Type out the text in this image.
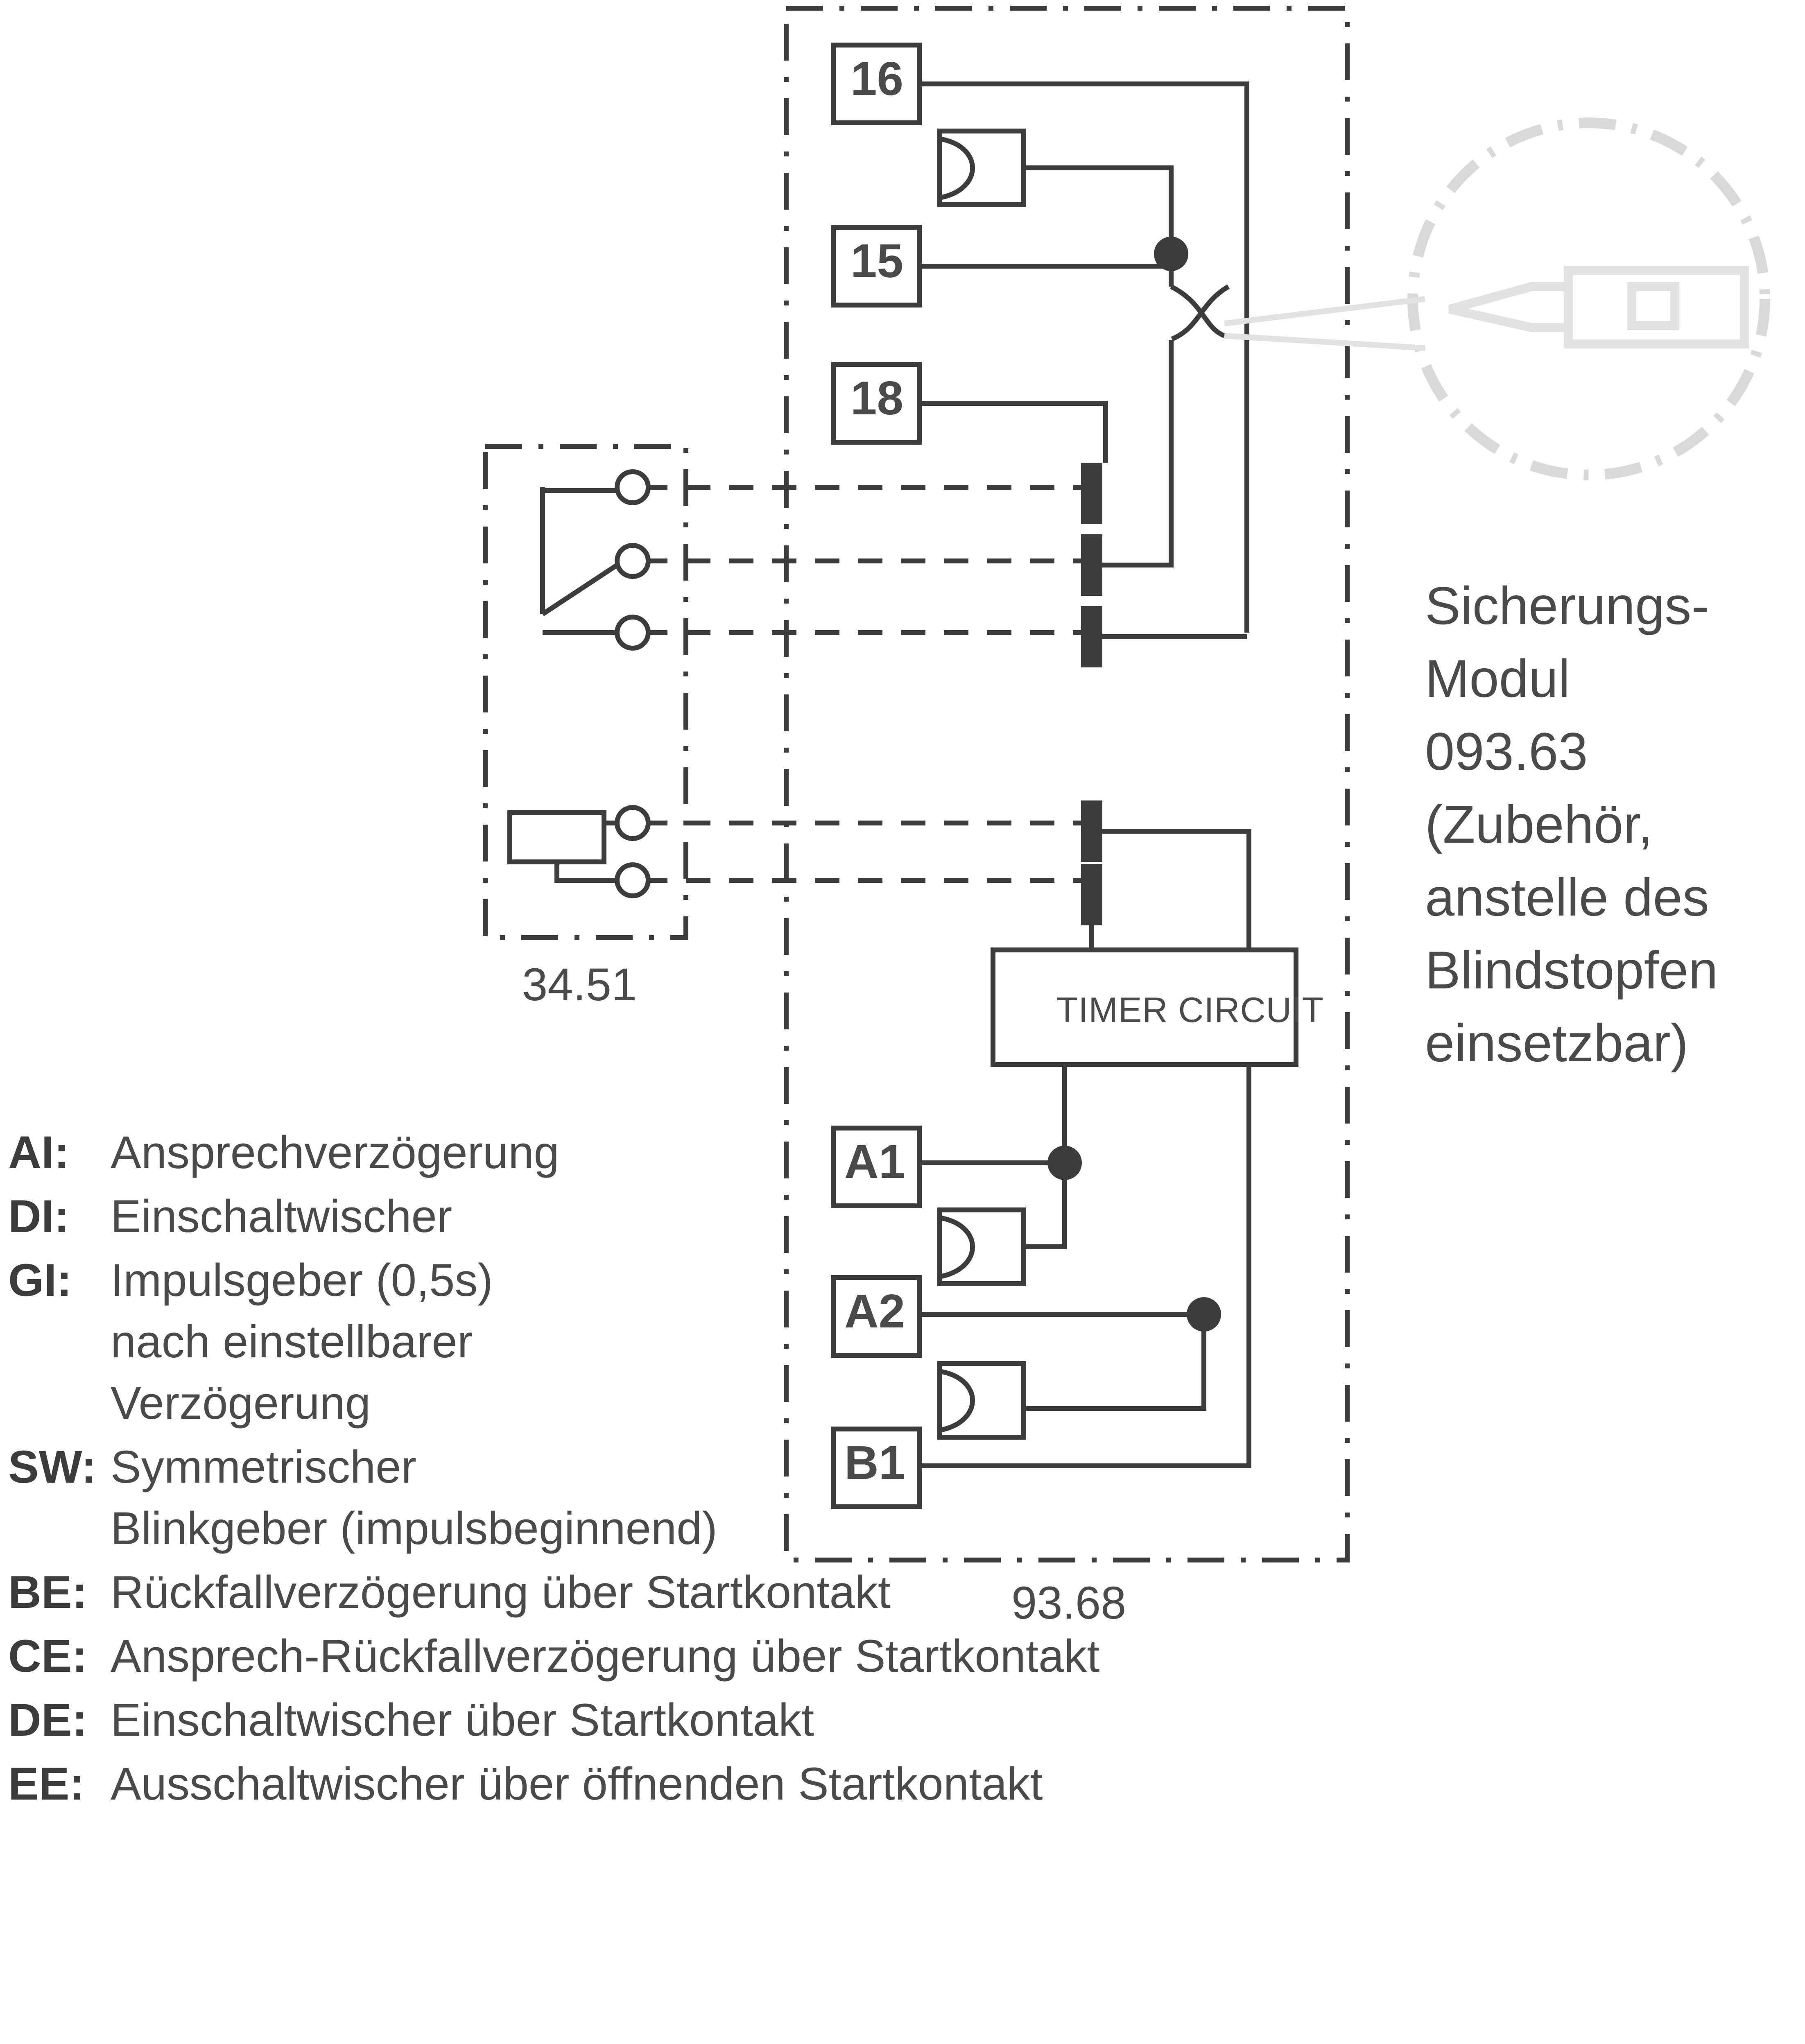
16
15
18
A1
A2
B1
TIMER CIRCUIT
34.51
93.68
Sicherungs-
Modul
093.63
(Zubehör,
anstelle des
Blindstopfen
einsetzbar)
AI: Ansprechverzögerung
DI: Einschaltwischer
GI: Impulsgeber (0,5s)
nach einstellbarer
Verzögerung
SW: Symmetrischer
Blinkgeber (impulsbeginnend)
BE: Rückfallverzögerung über Startkontakt
CE: Ansprech-Rückfallverzögerung über Startkontakt
DE: Einschaltwischer über Startkontakt
EE: Ausschaltwischer über öffnenden Startkontakt
